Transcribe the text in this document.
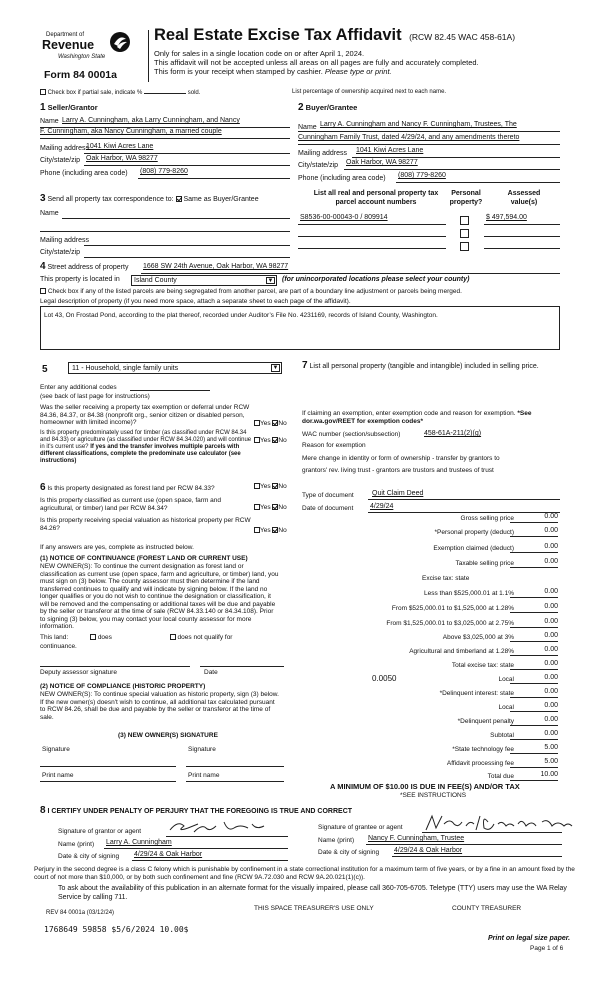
Department of
Revenue
Washington State
Form 84 0001a
Real Estate Excise Tax Affidavit (RCW 82.45 WAC 458-61A)
Only for sales in a single location code on or after April 1, 2024.
This affidavit will not be accepted unless all areas on all pages are fully and accurately completed.
This form is your receipt when stamped by cashier. Please type or print.
Check box if partial sale, indicate %	sold.	List percentage of ownership acquired next to each name.
1 Seller/Grantor
Name Larry A. Cunningham, aka Larry Cunningham, and Nancy
F. Cunningham, aka Nancy Cunningham, a married couple
Mailing address
1041 Kiwi Acres Lane
City/state/zip Oak Harbor, WA 98277
Phone (including area code) (808) 779-8260
2 Buyer/Grantee
Name Larry A. Cunningham and Nancy F. Cunningham, Trustees, The
Cunningham Family Trust, dated 4/29/24, and any amendments thereto
Mailing address 1041 Kiwi Acres Lane
City/state/zip Oak Harbor, WA 98277
Phone (including area code) (808) 779-8260
3 Send all property tax correspondence to: Same as Buyer/Grantee
Name
Mailing address
City/state/zip
List all real and personal property tax parcel account numbers
Personal property?
Assessed value(s)
S8536-00-00043-0 / 809914	$ 497,594.00
4 Street address of property 1668 SW 24th Avenue, Oak Harbor, WA 98277
This property is located in Island County	▼ (for unincorporated locations please select your county)
Check box if any of the listed parcels are being segregated from another parcel, are part of a boundary line adjustment or parcels being merged.
Legal description of property (if you need more space, attach a separate sheet to each page of the affidavit).
Lot 43, On Frostad Pond, according to the plat thereof, recorded under Auditor’s File No. 4231169, records of Island County, Washington.
5	11 - Household, single family units	▼
Enter any additional codes
(see back of last page for instructions)
Was the seller receiving a property tax exemption or deferral under RCW 84.36, 84.37, or 84.38 (nonprofit org., senior citizen or disabled person, homeowner with limited income)?	Yes No
Is this property predominately used for timber (as classified under RCW 84.34 and 84.33) or agriculture (as classified under RCW 84.34.020) and will continue in it's current use? If yes and the transfer involves multiple parcels with different classifications, complete the predominate use calculator (see instructions)
Yes No
6 Is this property designated as forest land per RCW 84.33?	Yes No
Is this property classified as current use (open space, farm and agricultural, or timber) land per RCW 84.34?	Yes No
Is this property receiving special valuation as historical property per RCW 84.26?	Yes No
If any answers are yes, complete as instructed below.
(1) NOTICE OF CONTINUANCE (FOREST LAND OR CURRENT USE)
NEW OWNER(S): To continue the current designation as forest land or classification as current use (open space, farm and agriculture, or timber) land, you must sign on (3) below. The county assessor must then determine if the land transferred continues to qualify and will indicate by signing below. If the land no longer qualifies or you do not wish to continue the designation or classification, it will be removed and the compensating or additional taxes will be due and payable by the seller or transferor at the time of sale (RCW 84.33.140 or 84.34.108). Prior to signing (3) below, you may contact your local county assessor for more information.
This land:	does	does not qualify for
continuance.
Deputy assessor signature	Date
(2) NOTICE OF COMPLIANCE (HISTORIC PROPERTY)
NEW OWNER(S): To continue special valuation as historic property, sign (3) below. If the new owner(s) doesn't wish to continue, all additional tax calculated pursuant to RCW 84.26, shall be due and payable by the seller or transferor at the time of sale.
(3) NEW OWNER(S) SIGNATURE
Signature	Signature
Print name	Print name
7 List all personal property (tangible and intangible) included in selling price.
If claiming an exemption, enter exemption code and reason for exemption. *See dor.wa.gov/REET for exemption codes*
WAC number (section/subsection)	458-61A-211(2)(g)
Reason for exemption
Mere change in identity or form of ownership - transfer by grantors to
grantors' rev. living trust - grantors are trustors and trustees of trust
Type of document	Quit Claim Deed
Date of document 4/29/24
Gross selling price	0.00
*Personal property (deduct)	0.00
Exemption claimed (deduct)	0.00
Taxable selling price	0.00
Less than $525,000.01 at 1.1%	0.00
From $525,000.01 to $1,525,000 at 1.28%	0.00
From $1,525,000.01 to $3,025,000 at 2.75%	0.00
Above $3,025,000 at 3%	0.00
Agricultural and timberland at 1.28%	0.00
Total excise tax: state	0.00
Local	0.00
*Delinquent interest: state	0.00
Local	0.00
*Delinquent penalty	0.00
Subtotal	0.00
*State technology fee	5.00
Affidavit processing fee	5.00
Total due	10.00
Excise tax: state
0.0050
A MINIMUM OF $10.00 IS DUE IN FEE(S) AND/OR TAX
*SEE INSTRUCTIONS
8 I CERTIFY UNDER PENALTY OF PERJURY THAT THE FOREGOING IS TRUE AND CORRECT
Signature of grantor or agent
Name (print) Larry A. Cunningham
Date & city of signing 4/29/24 & Oak Harbor
Signature of grantee or agent
Name (print) Nancy F. Cunningham, Trustee
Date & city of signing 4/29/24 & Oak Harbor
Perjury in the second degree is a class C felony which is punishable by confinement in a state correctional institution for a maximum term of five years, or by a fine in an amount fixed by the court of not more than $10,000, or by both such confinement and fine (RCW 9A.72.030 and RCW 9A.20.021(1)(c)).
To ask about the availability of this publication in an alternate format for the visually impaired, please call 360-705-6705. Teletype (TTY) users may use the WA Relay Service by calling 711.
REV 84 0001a (03/12/24)
THIS SPACE TREASURER'S USE ONLY	COUNTY TREASURER
1768649 59858 $5/6/2024 10.00$
Print on legal size paper.
Page 1 of 6
